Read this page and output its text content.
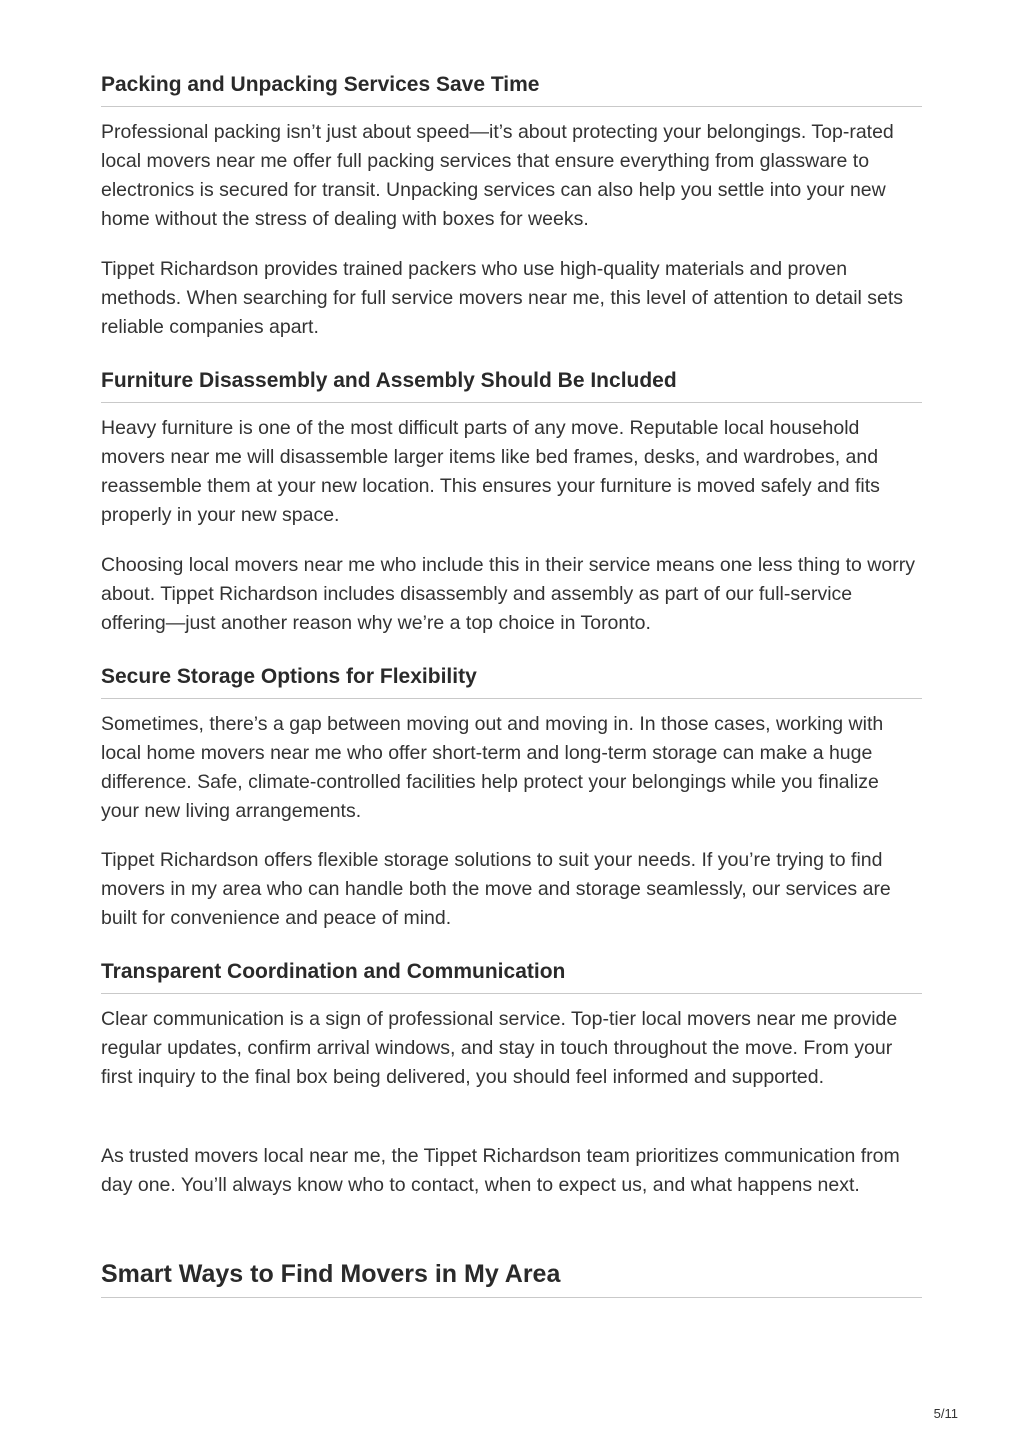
Packing and Unpacking Services Save Time

Professional packing isn’t just about speed—it’s about protecting your belongings. Top-rated local movers near me offer full packing services that ensure everything from glassware to electronics is secured for transit. Unpacking services can also help you settle into your new home without the stress of dealing with boxes for weeks.

Tippet Richardson provides trained packers who use high-quality materials and proven methods. When searching for full service movers near me, this level of attention to detail sets reliable companies apart.

Furniture Disassembly and Assembly Should Be Included

Heavy furniture is one of the most difficult parts of any move. Reputable local household movers near me will disassemble larger items like bed frames, desks, and wardrobes, and reassemble them at your new location. This ensures your furniture is moved safely and fits properly in your new space.

Choosing local movers near me who include this in their service means one less thing to worry about. Tippet Richardson includes disassembly and assembly as part of our full-service offering—just another reason why we’re a top choice in Toronto.

Secure Storage Options for Flexibility

Sometimes, there’s a gap between moving out and moving in. In those cases, working with local home movers near me who offer short-term and long-term storage can make a huge difference. Safe, climate-controlled facilities help protect your belongings while you finalize your new living arrangements.

Tippet Richardson offers flexible storage solutions to suit your needs. If you’re trying to find movers in my area who can handle both the move and storage seamlessly, our services are built for convenience and peace of mind.

Transparent Coordination and Communication

Clear communication is a sign of professional service. Top-tier local movers near me provide regular updates, confirm arrival windows, and stay in touch throughout the move. From your first inquiry to the final box being delivered, you should feel informed and supported.

As trusted movers local near me, the Tippet Richardson team prioritizes communication from day one. You’ll always know who to contact, when to expect us, and what happens next.

Smart Ways to Find Movers in My Area
5/11
